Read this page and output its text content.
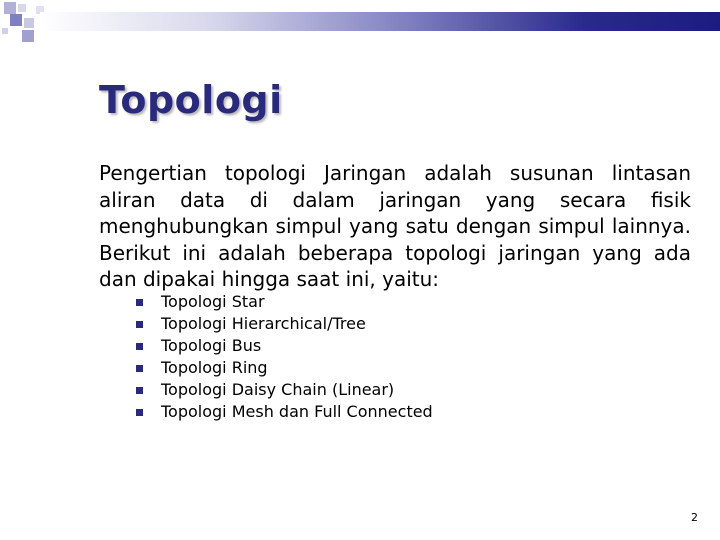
Topologi
Pengertian topologi Jaringan adalah susunan lintasan aliran data di dalam jaringan yang secara fisik menghubungkan simpul yang satu dengan simpul lainnya. Berikut ini adalah beberapa topologi jaringan yang ada dan dipakai hingga saat ini, yaitu:
Topologi Star
Topologi Hierarchical/Tree
Topologi Bus
Topologi Ring
Topologi Daisy Chain (Linear)
Topologi Mesh dan Full Connected
2
